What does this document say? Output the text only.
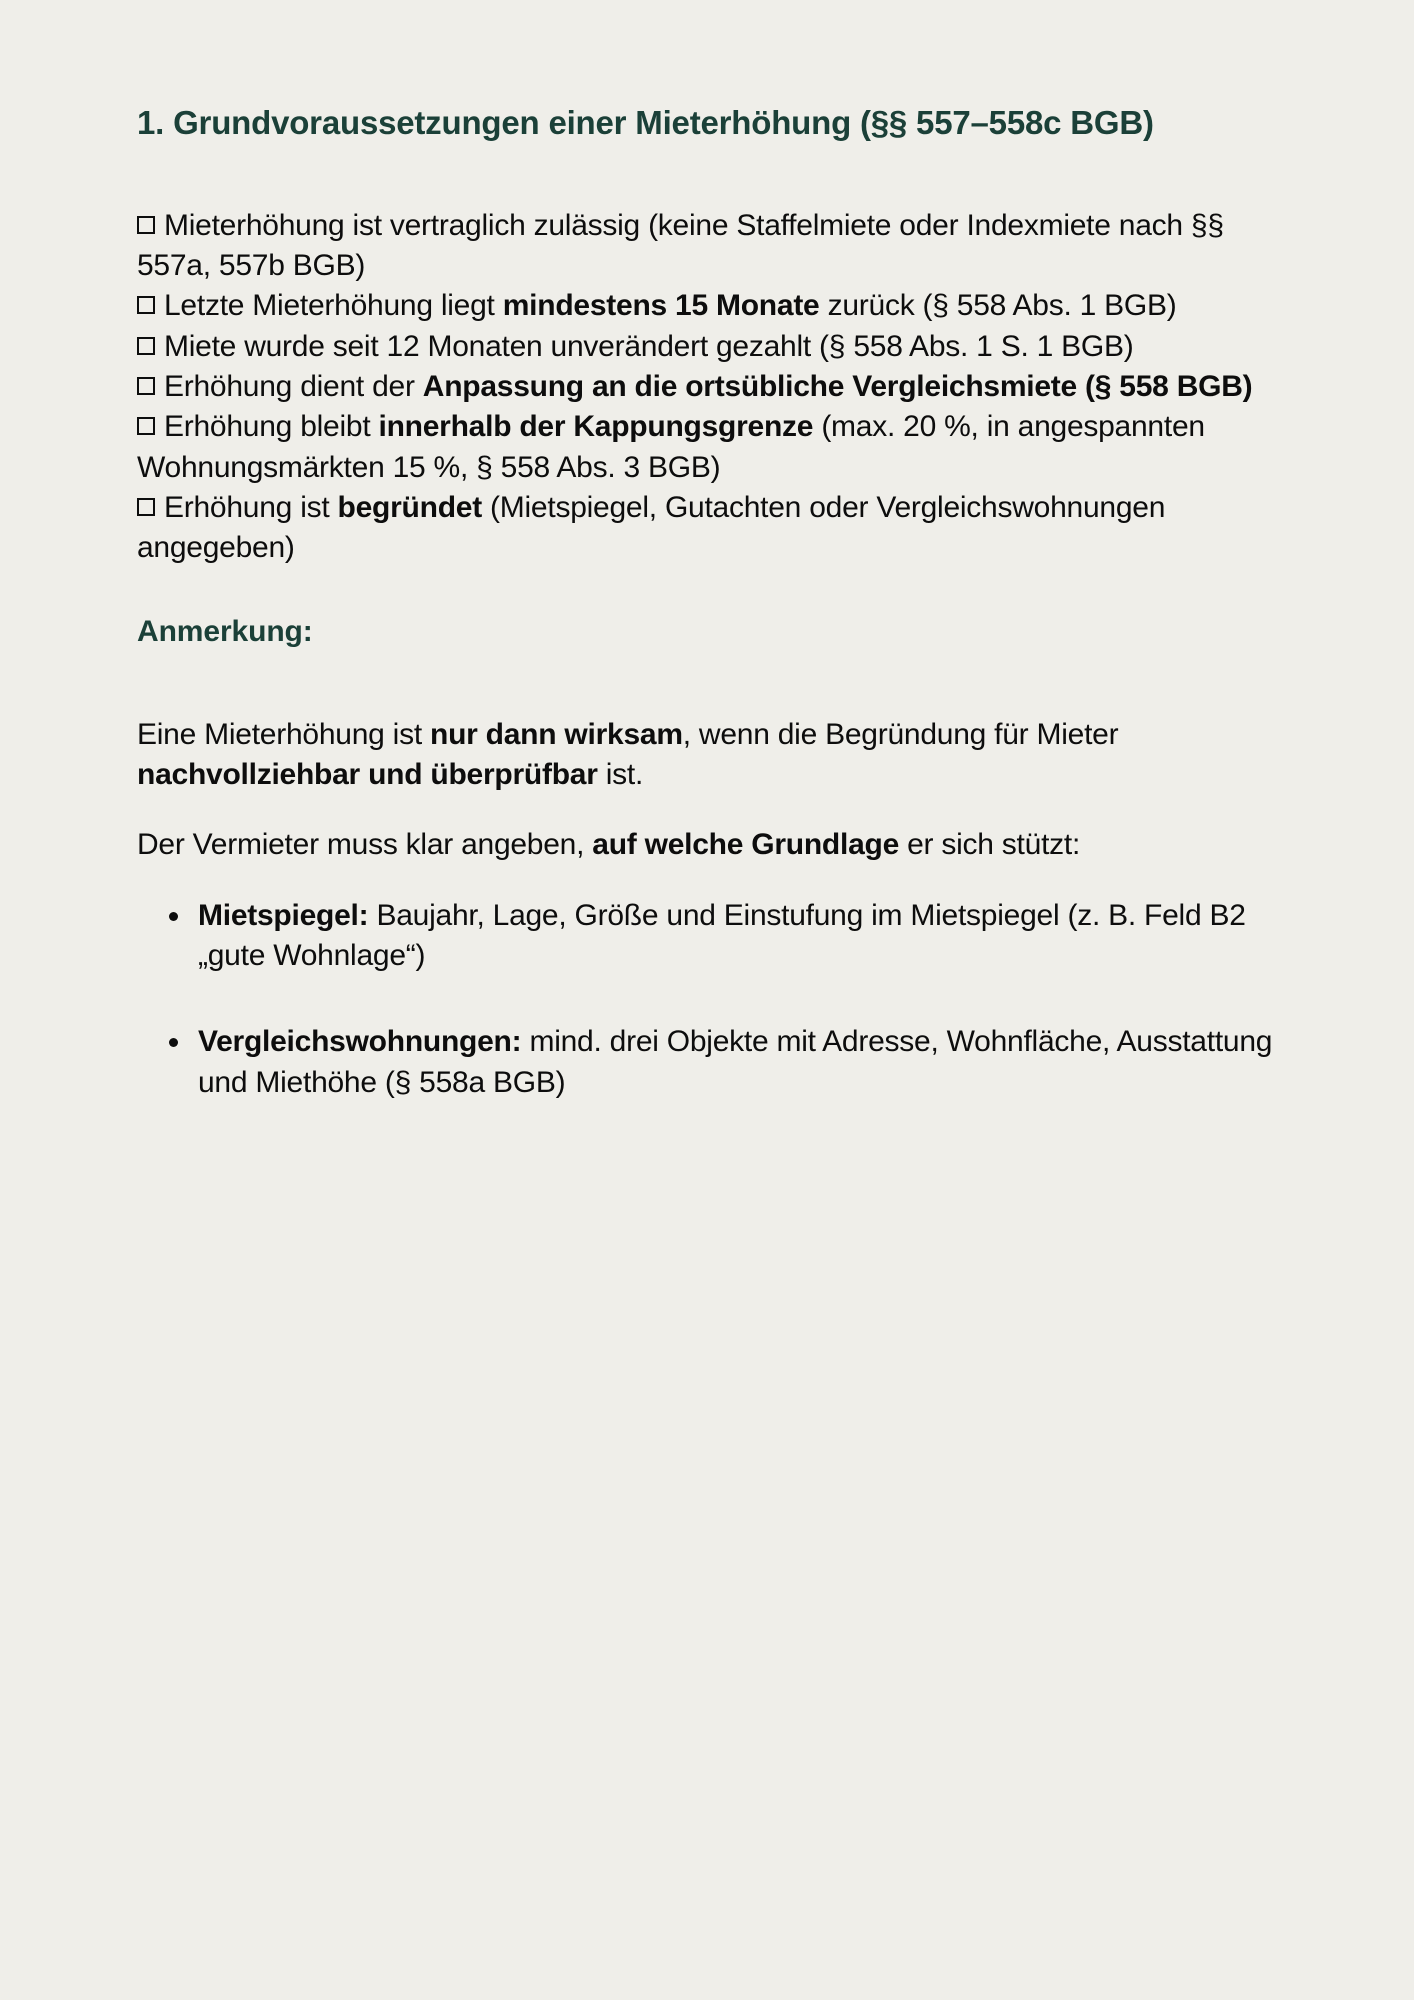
1. Grundvoraussetzungen einer Mieterhöhung (§§ 557–558c BGB)

Mieterhöhung ist vertraglich zulässig (keine Staffelmiete oder Indexmiete nach §§ 557a, 557b BGB)

Letzte Mieterhöhung liegt mindestens 15 Monate zurück (§ 558 Abs. 1 BGB)

Miete wurde seit 12 Monaten unverändert gezahlt (§ 558 Abs. 1 S. 1 BGB)

Erhöhung dient der Anpassung an die ortsübliche Vergleichsmiete (§ 558 BGB)

Erhöhung bleibt innerhalb der Kappungsgrenze (max. 20 %, in angespannten Wohnungsmärkten 15 %, § 558 Abs. 3 BGB)

Erhöhung ist begründet (Mietspiegel, Gutachten oder Vergleichswohnungen angegeben)

Anmerkung:

Eine Mieterhöhung ist nur dann wirksam, wenn die Begründung für Mieter nachvollziehbar und überprüfbar ist.

Der Vermieter muss klar angeben, auf welche Grundlage er sich stützt:

Mietspiegel: Baujahr, Lage, Größe und Einstufung im Mietspiegel (z. B. Feld B2 „gute Wohnlage“)
Vergleichswohnungen: mind. drei Objekte mit Adresse, Wohnfläche, Ausstattung und Miethöhe (§ 558a BGB)
